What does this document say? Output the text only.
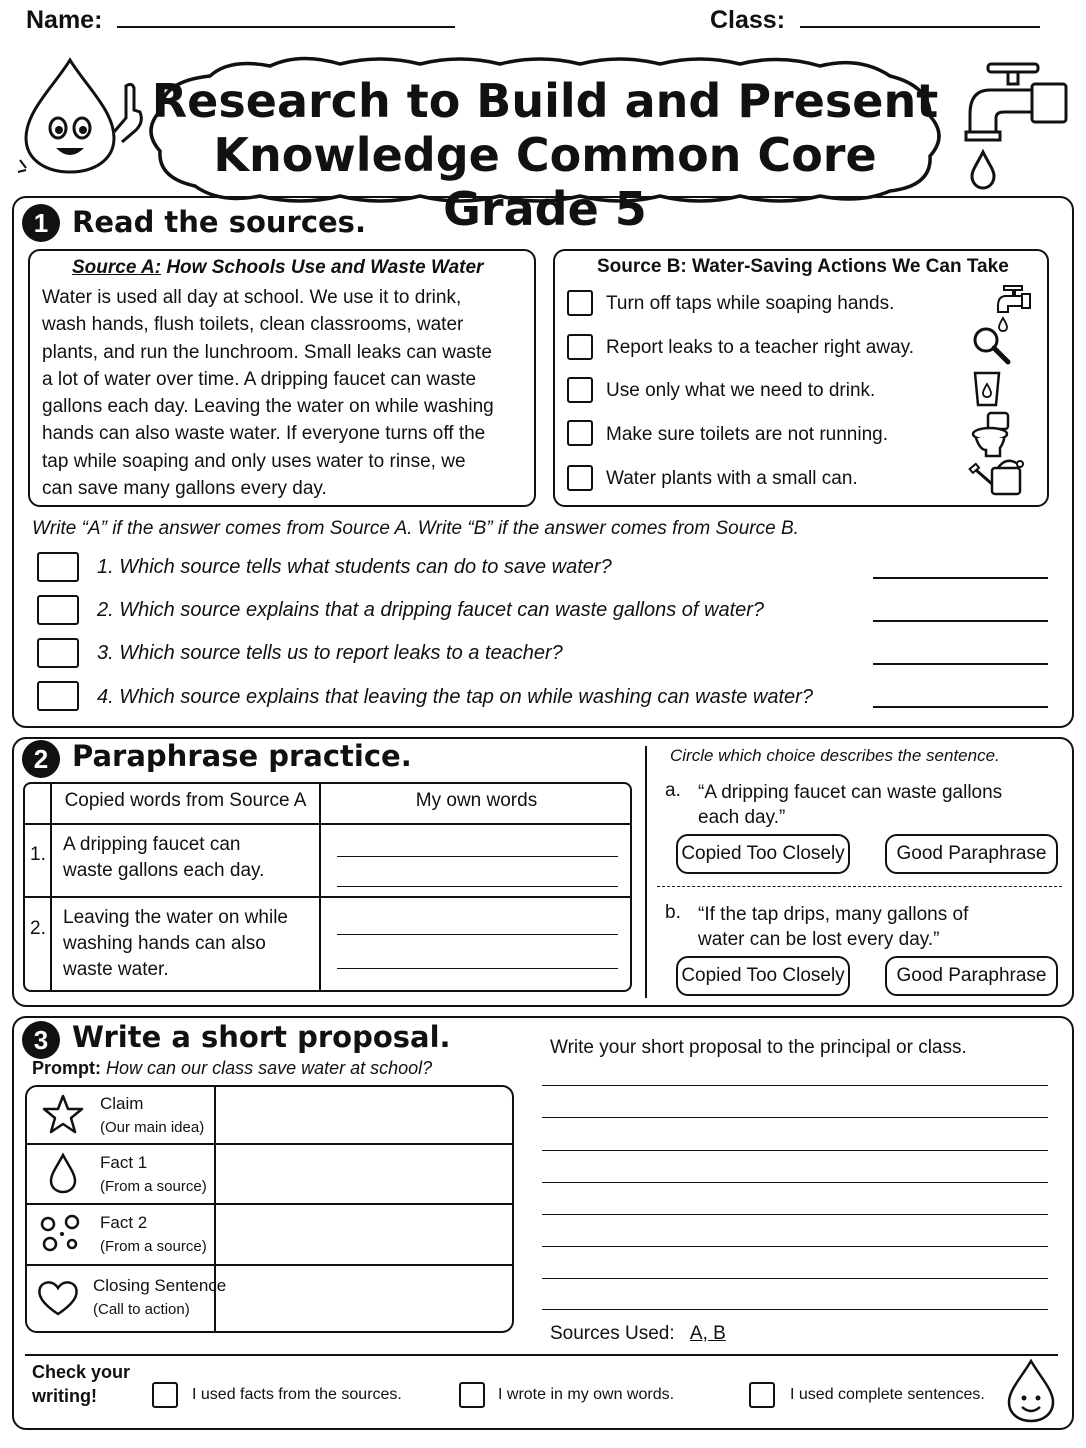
Name:	Class:
Research to Build and Present
Knowledge Common Core Grade 5
1 Read the sources.
Source A: How Schools Use and Waste Water
Water is used all day at school. We use it to drink,
wash hands, flush toilets, clean classrooms, water
plants, and run the lunchroom. Small leaks can waste
a lot of water over time. A dripping faucet can waste
gallons each day. Leaving the water on while washing
hands can also waste water. If everyone turns off the
tap while soaping and only uses water to rinse, we
can save many gallons every day.
Source B: Water-Saving Actions We Can Take
Turn off taps while soaping hands.
Report leaks to a teacher right away.
Use only what we need to drink.
Make sure toilets are not running.
Water plants with a small can.
Write “A” if the answer comes from Source A. Write “B” if the answer comes from Source B.
1. Which source tells what students can do to save water?
2. Which source explains that a dripping faucet can waste gallons of water?
3. Which source tells us to report leaks to a teacher?
4. Which source explains that leaving the tap on while washing can waste water?
2 Paraphrase practice.
Copied words from Source A	My own words
1. A dripping faucet can
waste gallons each day.
2.
Leaving the water on while
washing hands can also
waste water.
Circle which choice describes the sentence.
a. “A dripping faucet can waste gallons
each day.”
Copied Too Closely	Good Paraphrase
b. “If the tap drips, many gallons of
water can be lost every day.”
Copied Too Closely	Good Paraphrase
3 Write a short proposal.
Prompt: How can our class save water at school?
Claim
(Our main idea)
Fact 1
(From a source)
Fact 2
(From a source)
Closing Sentence
(Call to action)
Write your short proposal to the principal or class.
Sources Used: A, B
Check your
writing!	I used facts from the sources.	I wrote in my own words.	I used complete sentences.
